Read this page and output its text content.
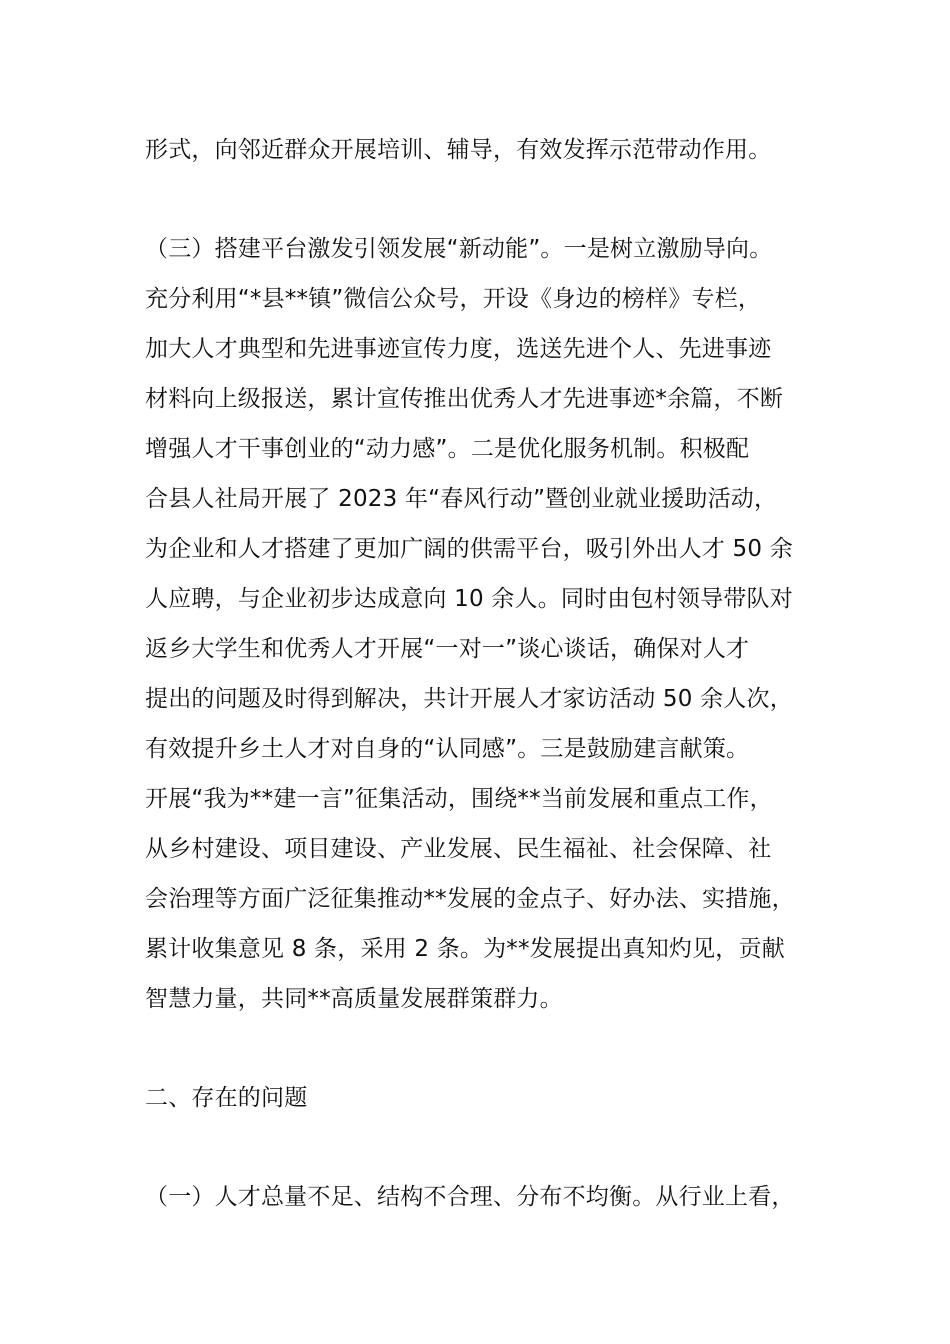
形式，向邻近群众开展培训、辅导，有效发挥示范带动作用。
（三）搭建平台激发引领发展“新动能”。一是树立激励导向。
充分利用“*县**镇”微信公众号，开设《身边的榜样》专栏，
加大人才典型和先进事迹宣传力度，选送先进个人、先进事迹
材料向上级报送，累计宣传推出优秀人才先进事迹*余篇，不断
增强人才干事创业的“动力感”。二是优化服务机制。积极配
合县人社局开展了 2023 年“春风行动”暨创业就业援助活动，
为企业和人才搭建了更加广阔的供需平台，吸引外出人才 50 余
人应聘，与企业初步达成意向 10 余人。同时由包村领导带队对
返乡大学生和优秀人才开展“一对一”谈心谈话，确保对人才
提出的问题及时得到解决，共计开展人才家访活动 50 余人次，
有效提升乡土人才对自身的“认同感”。三是鼓励建言献策。
开展“我为**建一言”征集活动，围绕**当前发展和重点工作，
从乡村建设、项目建设、产业发展、民生福祉、社会保障、社
会治理等方面广泛征集推动**发展的金点子、好办法、实措施，
累计收集意见 8 条，采用 2 条。为**发展提出真知灼见，贡献
智慧力量，共同**高质量发展群策群力。
二、存在的问题
（一）人才总量不足、结构不合理、分布不均衡。从行业上看，
